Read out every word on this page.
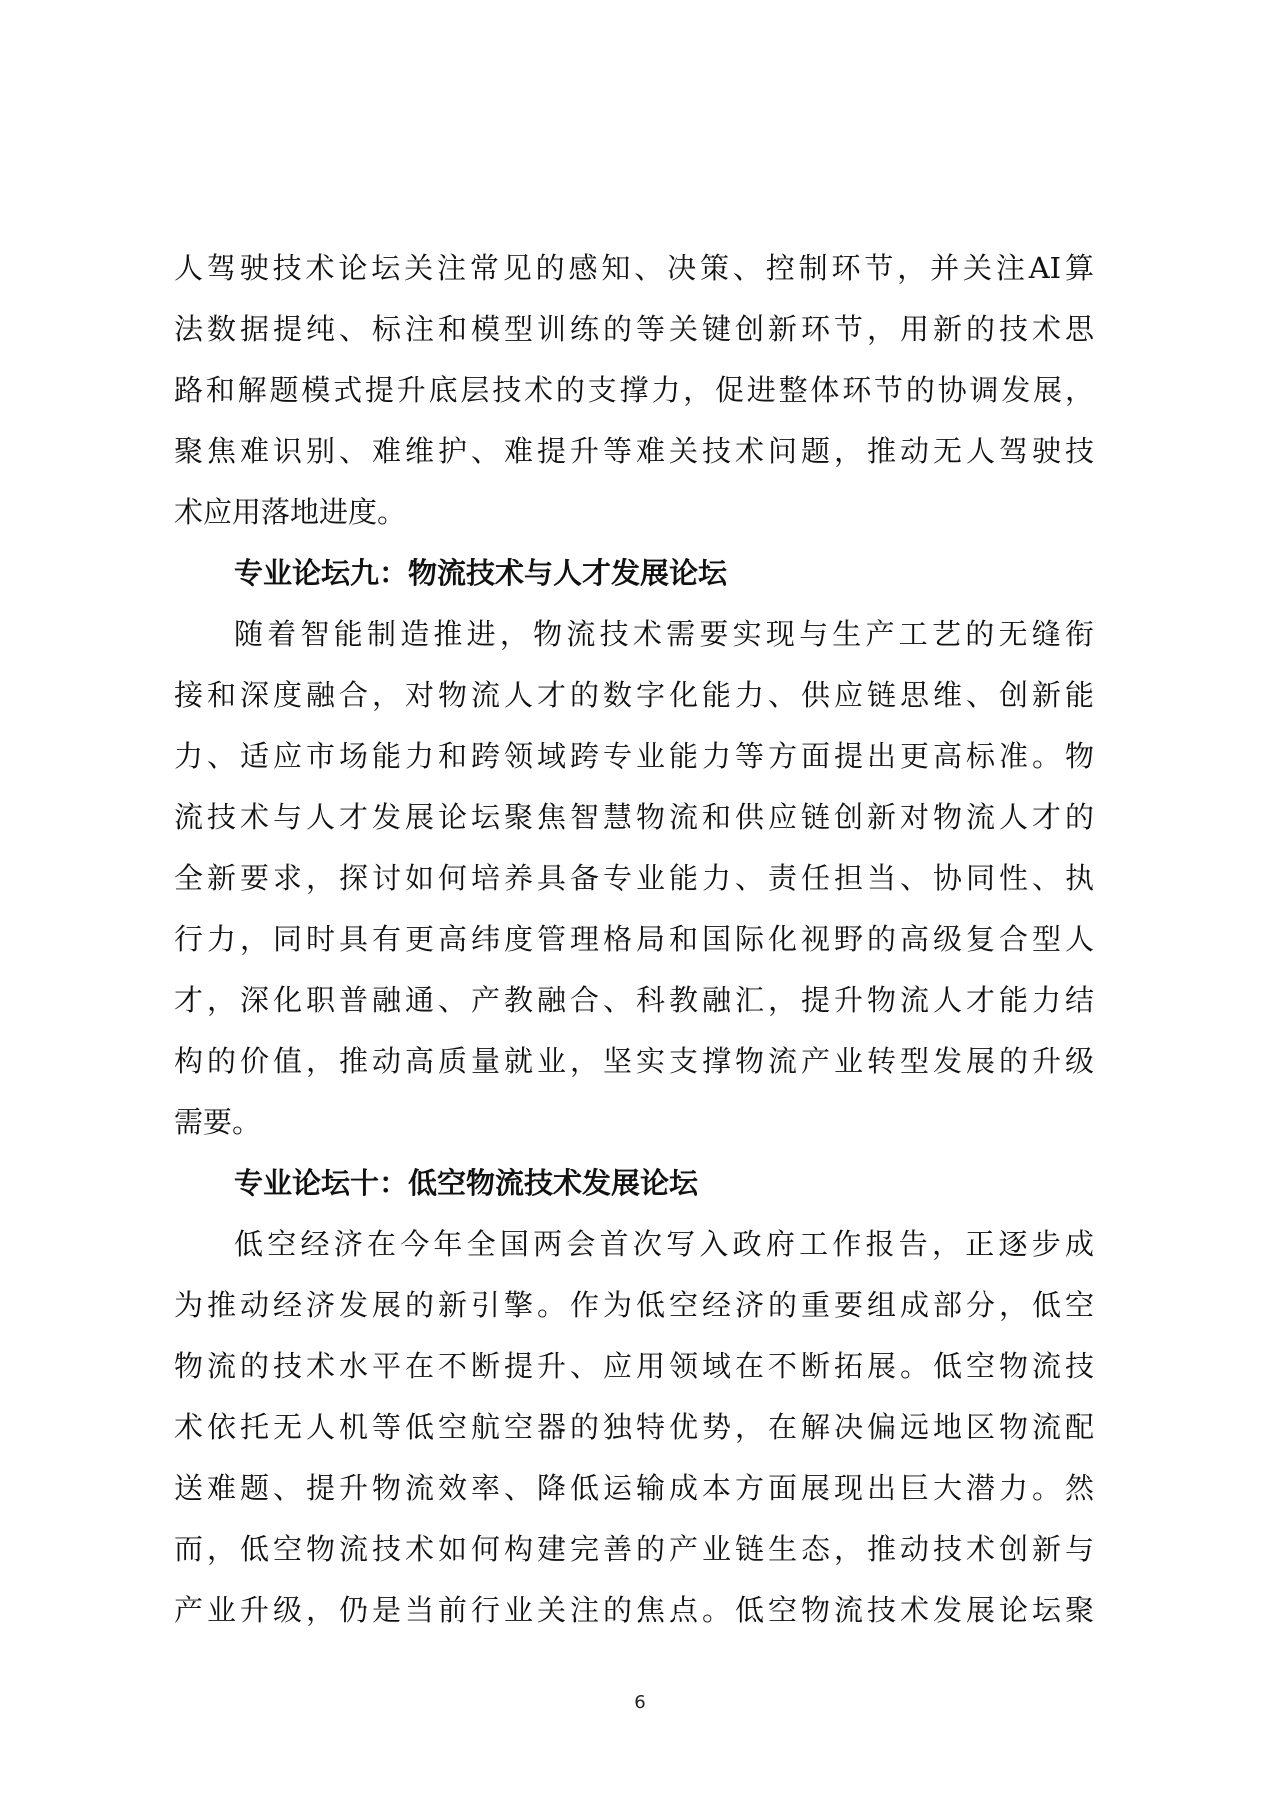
人驾驶技术论坛关注常见的感知、决策、控制环节，并关注AI算
法数据提纯、标注和模型训练的等关键创新环节，用新的技术思
路和解题模式提升底层技术的支撑力，促进整体环节的协调发展，
聚焦难识别、难维护、难提升等难关技术问题，推动无人驾驶技
术应用落地进度。
专业论坛九：物流技术与人才发展论坛
随着智能制造推进，物流技术需要实现与生产工艺的无缝衔
接和深度融合，对物流人才的数字化能力、供应链思维、创新能
力、适应市场能力和跨领域跨专业能力等方面提出更高标准。物
流技术与人才发展论坛聚焦智慧物流和供应链创新对物流人才的
全新要求，探讨如何培养具备专业能力、责任担当、协同性、执
行力，同时具有更高纬度管理格局和国际化视野的高级复合型人
才，深化职普融通、产教融合、科教融汇，提升物流人才能力结
构的价值，推动高质量就业，坚实支撑物流产业转型发展的升级
需要。
专业论坛十：低空物流技术发展论坛
低空经济在今年全国两会首次写入政府工作报告，正逐步成
为推动经济发展的新引擎。作为低空经济的重要组成部分，低空
物流的技术水平在不断提升、应用领域在不断拓展。低空物流技
术依托无人机等低空航空器的独特优势，在解决偏远地区物流配
送难题、提升物流效率、降低运输成本方面展现出巨大潜力。然
而，低空物流技术如何构建完善的产业链生态，推动技术创新与
产业升级，仍是当前行业关注的焦点。低空物流技术发展论坛聚
6
